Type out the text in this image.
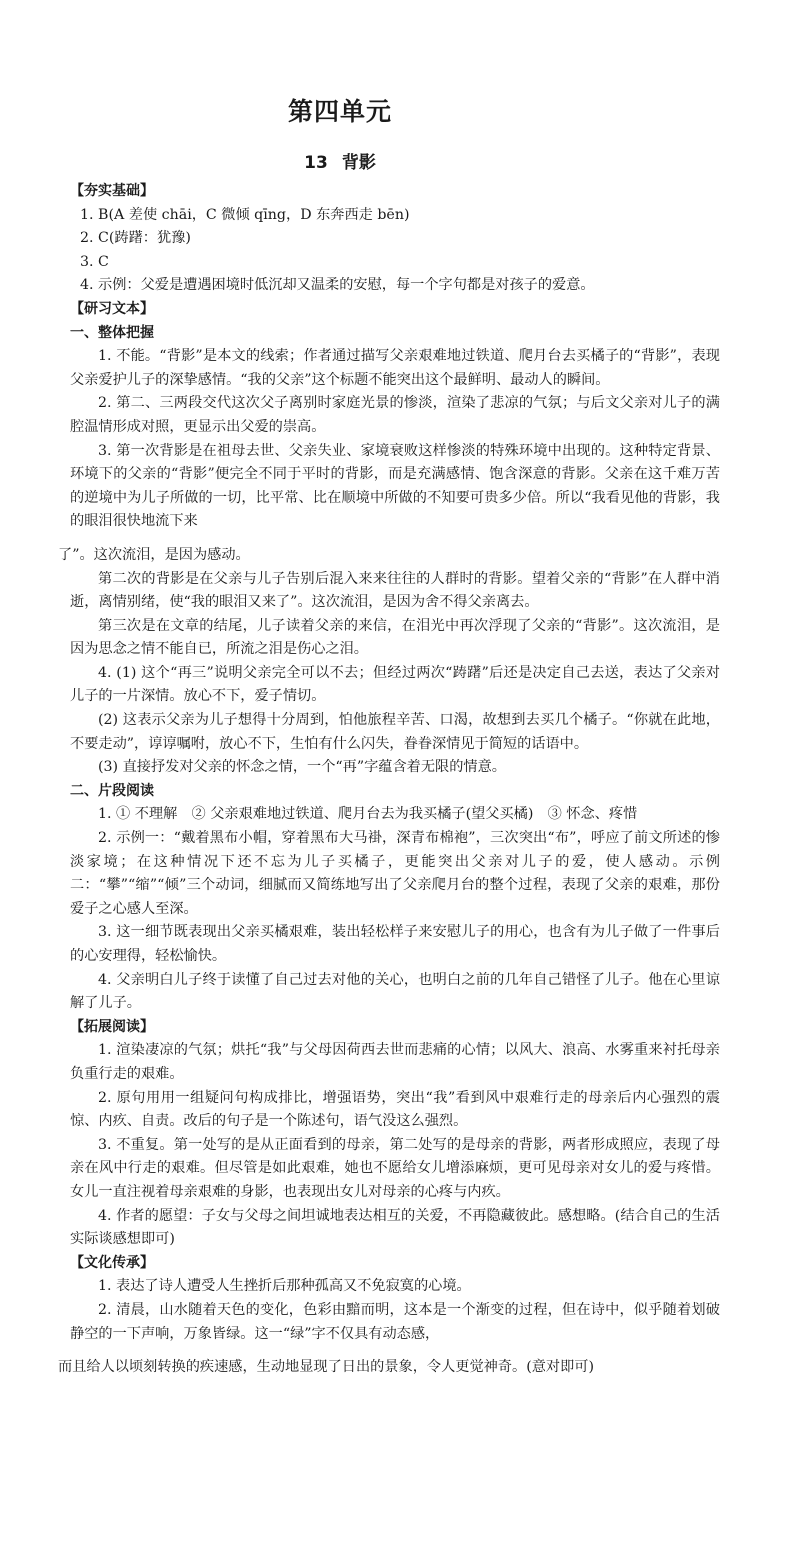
第四单元
13 背影

【夯实基础】

1. B(A 差使 chāi，C 微倾 qīng，D 东奔西走 bēn)

2. C(踌躇：犹豫)

3. C

4. 示例：父爱是遭遇困境时低沉却又温柔的安慰，每一个字句都是对孩子的爱意。

【研习文本】

一、整体把握

1. 不能。“背影”是本文的线索；作者通过描写父亲艰难地过铁道、爬月台去买橘子的“背影”，表现父亲爱护儿子的深挚感情。“我的父亲”这个标题不能突出这个最鲜明、最动人的瞬间。

2. 第二、三两段交代这次父子离别时家庭光景的惨淡，渲染了悲凉的气氛；与后文父亲对儿子的满腔温情形成对照，更显示出父爱的崇高。

3. 第一次背影是在祖母去世、父亲失业、家境衰败这样惨淡的特殊环境中出现的。这种特定背景、环境下的父亲的“背影”便完全不同于平时的背影，而是充满感情、饱含深意的背影。父亲在这千难万苦的逆境中为儿子所做的一切，比平常、比在顺境中所做的不知要可贵多少倍。所以“我看见他的背影，我的眼泪很快地流下来

了”。这次流泪，是因为感动。

第二次的背影是在父亲与儿子告别后混入来来往往的人群时的背影。望着父亲的“背影”在人群中消逝，离情别绪，使“我的眼泪又来了”。这次流泪，是因为舍不得父亲离去。

第三次是在文章的结尾，儿子读着父亲的来信，在泪光中再次浮现了父亲的“背影”。这次流泪，是因为思念之情不能自已，所流之泪是伤心之泪。

4. (1) 这个“再三”说明父亲完全可以不去；但经过两次“踌躇”后还是决定自己去送，表达了父亲对儿子的一片深情。放心不下，爱子情切。

(2) 这表示父亲为儿子想得十分周到，怕他旅程辛苦、口渴，故想到去买几个橘子。“你就在此地，不要走动”，谆谆嘱咐，放心不下，生怕有什么闪失，眷眷深情见于简短的话语中。

(3) 直接抒发对父亲的怀念之情，一个“再”字蕴含着无限的情意。

二、片段阅读

1. ① 不理解　② 父亲艰难地过铁道、爬月台去为我买橘子(望父买橘)　③ 怀念、疼惜

2. 示例一：“戴着黑布小帽，穿着黑布大马褂，深青布棉袍”，三次突出“布”，呼应了前文所述的惨淡家境；在这种情况下还不忘为儿子买橘子，更能突出父亲对儿子的爱，使人感动。示例二：“攀”“缩”“倾”三个动词，细腻而又简练地写出了父亲爬月台的整个过程，表现了父亲的艰难，那份爱子之心感人至深。

3. 这一细节既表现出父亲买橘艰难，装出轻松样子来安慰儿子的用心，也含有为儿子做了一件事后的心安理得，轻松愉快。

4. 父亲明白儿子终于读懂了自己过去对他的关心，也明白之前的几年自己错怪了儿子。他在心里谅解了儿子。

【拓展阅读】

1. 渲染凄凉的气氛；烘托“我”与父母因荷西去世而悲痛的心情；以风大、浪高、水雾重来衬托母亲负重行走的艰难。

2. 原句用用一组疑问句构成排比，增强语势，突出“我”看到风中艰难行走的母亲后内心强烈的震惊、内疚、自责。改后的句子是一个陈述句，语气没这么强烈。

3. 不重复。第一处写的是从正面看到的母亲，第二处写的是母亲的背影，两者形成照应，表现了母亲在风中行走的艰难。但尽管是如此艰难，她也不愿给女儿增添麻烦，更可见母亲对女儿的爱与疼惜。女儿一直注视着母亲艰难的身影，也表现出女儿对母亲的心疼与内疚。

4. 作者的愿望：子女与父母之间坦诚地表达相互的关爱，不再隐藏彼此。感想略。(结合自己的生活实际谈感想即可)

【文化传承】

1. 表达了诗人遭受人生挫折后那种孤高又不免寂寞的心境。

2. 清晨，山水随着天色的变化，色彩由黯而明，这本是一个渐变的过程，但在诗中，似乎随着划破静空的一下声响，万象皆绿。这一“绿”字不仅具有动态感，

而且给人以顷刻转换的疾速感，生动地显现了日出的景象，令人更觉神奇。(意对即可)
